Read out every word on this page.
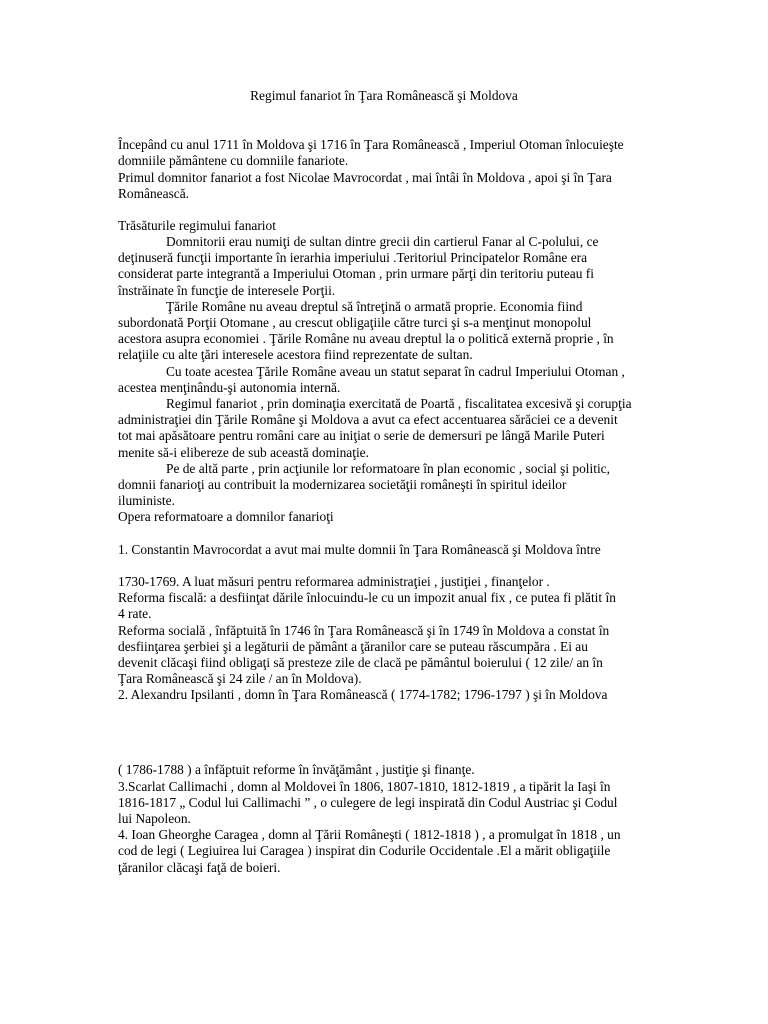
Regimul fanariot în Ţara Românească şi Moldova
Începând cu anul 1711 în Moldova şi 1716 în Ţara Românească , Imperiul Otoman înlocuieşte
domniile pământene cu domniile fanariote.
Primul domnitor fanariot a fost Nicolae Mavrocordat , mai întâi în Moldova , apoi şi în Ţara
Românească.
Trăsăturile regimului fanariot
Domnitorii erau numiţi de sultan dintre grecii din cartierul Fanar al C-polului, ce
deţinuseră funcţii importante în ierarhia imperiului .Teritoriul Principatelor Române era
considerat parte integrantă a Imperiului Otoman , prin urmare părţi din teritoriu puteau fi
înstrăinate în funcţie de interesele Porţii.
Ţările Române nu aveau dreptul să întreţină o armată proprie. Economia fiind
subordonată Porţii Otomane , au crescut obligaţiile către turci şi s-a menţinut monopolul
acestora asupra economiei . Ţările Române nu aveau dreptul la o politică externă proprie , în
relaţiile cu alte ţări interesele acestora fiind reprezentate de sultan.
Cu toate acestea Ţările Române aveau un statut separat în cadrul Imperiului Otoman ,
acestea menţinându-şi autonomia internă.
Regimul fanariot , prin dominaţia exercitată de Poartă , fiscalitatea excesivă şi corupţia
administraţiei din Ţările Române şi Moldova a avut ca efect accentuarea sărăciei ce a devenit
tot mai apăsătoare pentru români care au iniţiat o serie de demersuri pe lângă Marile Puteri
menite să-i elibereze de sub această dominaţie.
Pe de altă parte , prin acţiunile lor reformatoare în plan economic , social şi politic,
domnii fanarioţi au contribuit la modernizarea societăţii româneşti în spiritul ideilor
iluministe.
Opera reformatoare a domnilor fanarioţi
1. Constantin Mavrocordat a avut mai multe domnii în Ţara Românească şi Moldova între
1730-1769. A luat măsuri pentru reformarea administraţiei , justiţiei , finanţelor .
Reforma fiscală: a desfiinţat dările înlocuindu-le cu un impozit anual fix , ce putea fi plătit în
4 rate.
Reforma socială , înfăptuită în 1746 în Ţara Românească şi în 1749 în Moldova a constat în
desfiinţarea şerbiei şi a legăturii de pământ a ţăranilor care se puteau răscumpăra . Ei au
devenit clăcaşi fiind obligaţi să presteze zile de clacă pe pământul boierului ( 12 zile/ an în
Ţara Românească şi 24 zile / an în Moldova).
2. Alexandru Ipsilanti , domn în Ţara Românească ( 1774-1782; 1796-1797 ) şi în Moldova
( 1786-1788 ) a înfăptuit reforme în învăţământ , justiţie şi finanţe.
3.Scarlat Callimachi , domn al Moldovei în 1806, 1807-1810, 1812-1819 , a tipărit la Iaşi în
1816-1817 „ Codul lui Callimachi ” , o culegere de legi inspirată din Codul Austriac şi Codul
lui Napoleon.
4. Ioan Gheorghe Caragea , domn al Ţării Româneşti ( 1812-1818 ) , a promulgat în 1818 , un
cod de legi ( Legiuirea lui Caragea ) inspirat din Codurile Occidentale .El a mărit obligaţiile
ţăranilor clăcaşi faţă de boieri.
